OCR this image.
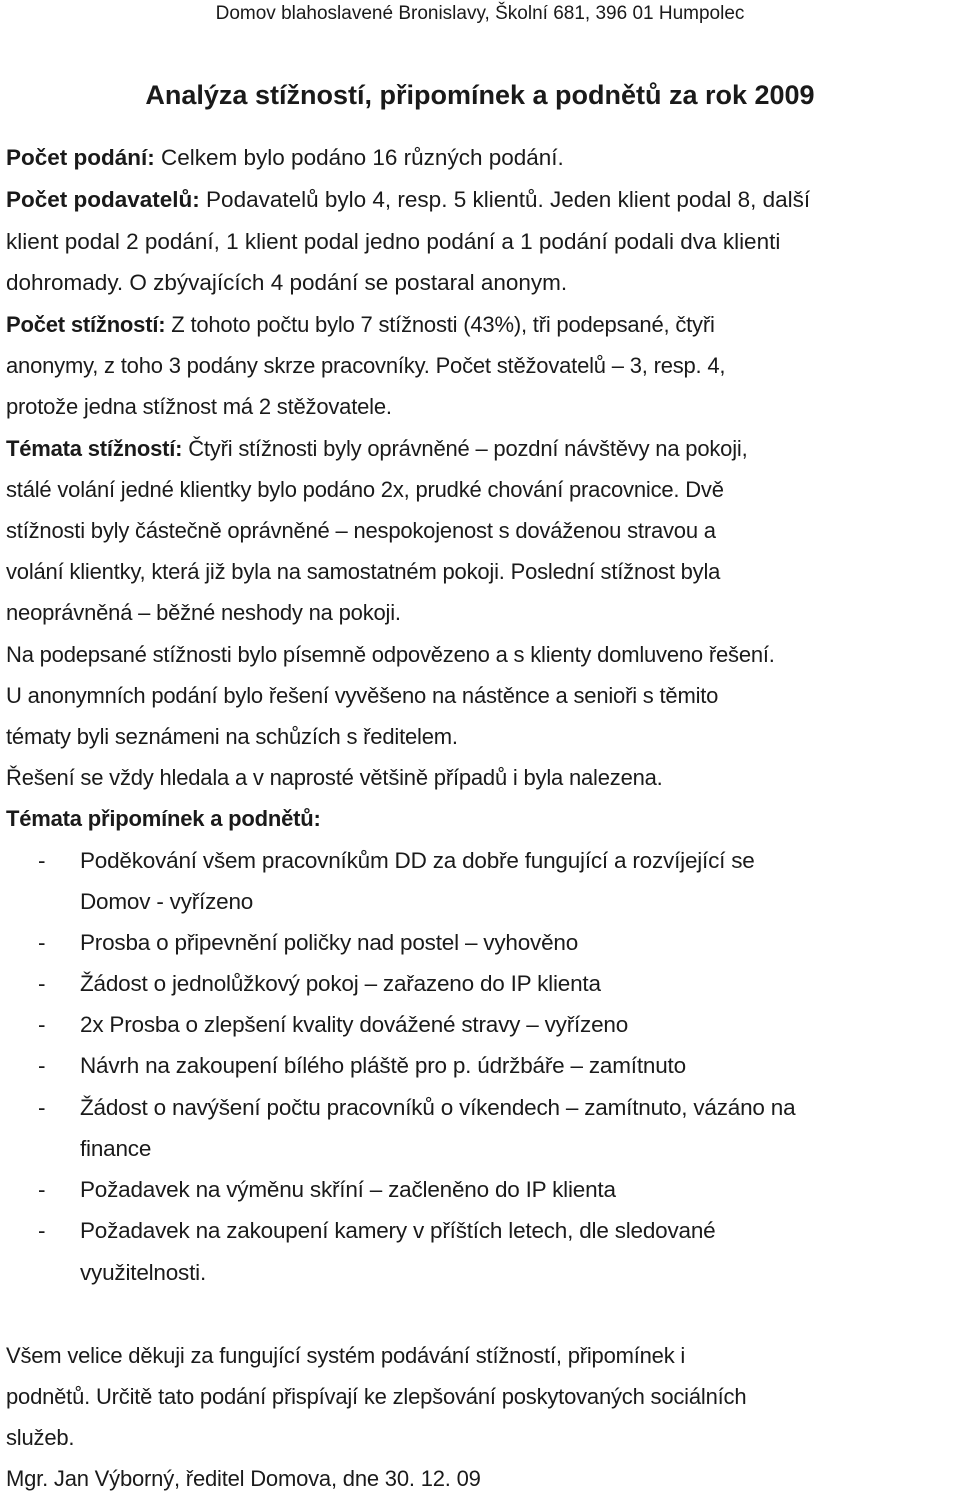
Domov blahoslavené Bronislavy, Školní 681, 396 01 Humpolec
Analýza stížností, připomínek a podnětů za rok 2009
Počet podání: Celkem bylo podáno 16 různých podání.
Počet podavatelů: Podavatelů bylo 4, resp. 5 klientů. Jeden klient podal 8, další
klient podal 2 podání, 1 klient podal jedno podání a 1 podání podali dva klienti
dohromady. O zbývajících 4 podání se postaral anonym.
Počet stížností: Z tohoto počtu bylo 7 stížnosti (43%), tři podepsané, čtyři
anonymy, z toho 3 podány skrze pracovníky. Počet stěžovatelů – 3, resp. 4,
protože jedna stížnost má 2 stěžovatele.
Témata stížností: Čtyři stížnosti byly oprávněné – pozdní návštěvy na pokoji,
stálé volání jedné klientky bylo podáno 2x, prudké chování pracovnice. Dvě
stížnosti byly částečně oprávněné – nespokojenost s dováženou stravou a
volání klientky, která již byla na samostatném pokoji. Poslední stížnost byla
neoprávněná – běžné neshody na pokoji.
Na podepsané stížnosti bylo písemně odpovězeno a s klienty domluveno řešení.
U anonymních podání bylo řešení vyvěšeno na nástěnce a senioři s těmito
tématy byli seznámeni na schůzích s ředitelem.
Řešení se vždy hledala a v naprosté většině případů i byla nalezena.
Témata připomínek a podnětů:
- Poděkování všem pracovníkům DD za dobře fungující a rozvíjející se
Domov - vyřízeno
- Prosba o připevnění poličky nad postel – vyhověno
- Žádost o jednolůžkový pokoj – zařazeno do IP klienta
- 2x Prosba o zlepšení kvality dovážené stravy – vyřízeno
- Návrh na zakoupení bílého pláště pro p. údržbáře – zamítnuto
- Žádost o navýšení počtu pracovníků o víkendech – zamítnuto, vázáno na
finance
- Požadavek na výměnu skříní – začleněno do IP klienta
- Požadavek na zakoupení kamery v příštích letech, dle sledované
využitelnosti.
Všem velice děkuji za fungující systém podávání stížností, připomínek i
podnětů. Určitě tato podání přispívají ke zlepšování poskytovaných sociálních
služeb.
Mgr. Jan Výborný, ředitel Domova, dne 30. 12. 09
